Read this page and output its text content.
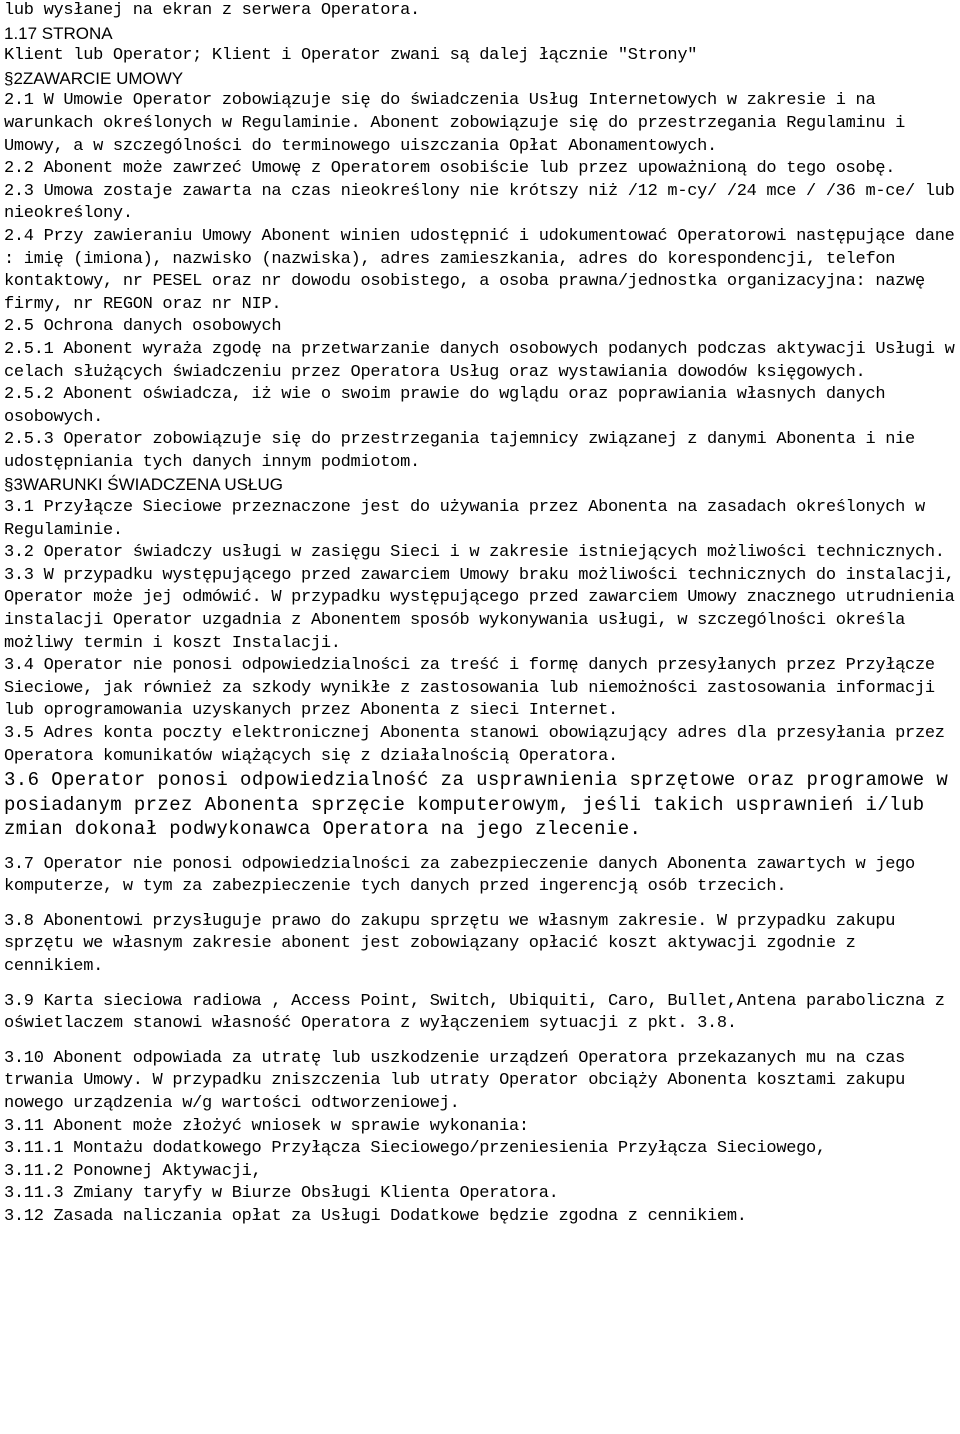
lub wysłanej na ekran z serwera Operatora.

1.17 STRONA

Klient lub Operator; Klient i Operator zwani są dalej łącznie "Strony"

§2ZAWARCIE UMOWY

2.1 W Umowie Operator zobowiązuje się do świadczenia Usług Internetowych w zakresie i na warunkach określonych w Regulaminie. Abonent zobowiązuje się do przestrzegania Regulaminu i Umowy, a w szczególności do terminowego uiszczania Opłat Abonamentowych.

2.2 Abonent może zawrzeć Umowę z Operatorem osobiście lub przez upoważnioną do tego osobę.

2.3 Umowa zostaje zawarta na czas nieokreślony nie krótszy niż /12 m-cy/ /24 mce / /36 m-ce/ lub nieokreślony.

2.4 Przy zawieraniu Umowy Abonent winien udostępnić i udokumentować Operatorowi następujące dane : imię (imiona), nazwisko (nazwiska), adres zamieszkania, adres do korespondencji, telefon kontaktowy, nr PESEL oraz nr dowodu osobistego, a osoba prawna/jednostka organizacyjna: nazwę firmy, nr REGON oraz nr NIP.

2.5 Ochrona danych osobowych

2.5.1 Abonent wyraża zgodę na przetwarzanie danych osobowych podanych podczas aktywacji Usługi w celach służących świadczeniu przez Operatora Usług oraz wystawiania dowodów księgowych.

2.5.2 Abonent oświadcza, iż wie o swoim prawie do wglądu oraz poprawiania własnych danych osobowych.

2.5.3 Operator zobowiązuje się do przestrzegania tajemnicy związanej z danymi Abonenta i nie udostępniania tych danych innym podmiotom.

§3WARUNKI ŚWIADCZENA USŁUG

3.1 Przyłącze Sieciowe przeznaczone jest do używania przez Abonenta na zasadach określonych w Regulaminie.

3.2 Operator świadczy usługi w zasięgu Sieci i w zakresie istniejących możliwości technicznych. 3.3 W przypadku występującego przed zawarciem Umowy braku możliwości technicznych do instalacji, Operator może jej odmówić. W przypadku występującego przed zawarciem Umowy znacznego utrudnienia instalacji Operator uzgadnia z Abonentem sposób wykonywania usługi, w szczególności określa możliwy termin i koszt Instalacji.

3.4 Operator nie ponosi odpowiedzialności za treść i formę danych przesyłanych przez Przyłącze Sieciowe, jak również za szkody wynikłe z zastosowania lub niemożności zastosowania informacji lub oprogramowania uzyskanych przez Abonenta z sieci Internet.

3.5 Adres konta poczty elektronicznej Abonenta stanowi obowiązujący adres dla przesyłania przez Operatora komunikatów wiążących się z działalnością Operatora.

3.6 Operator ponosi odpowiedzialność za usprawnienia sprzętowe oraz programowe w posiadanym przez Abonenta sprzęcie komputerowym, jeśli takich usprawnień i/lub zmian dokonał podwykonawca Operatora na jego zlecenie.

3.7 Operator nie ponosi odpowiedzialności za zabezpieczenie danych Abonenta zawartych w jego komputerze, w tym za zabezpieczenie tych danych przed ingerencją osób trzecich.

3.8 Abonentowi przysługuje prawo do zakupu sprzętu we własnym zakresie. W przypadku zakupu sprzętu we własnym zakresie abonent jest zobowiązany opłacić koszt aktywacji zgodnie z cennikiem.

3.9 Karta sieciowa radiowa , Access Point, Switch, Ubiquiti, Caro, Bullet,Antena paraboliczna z oświetlaczem stanowi własność Operatora z wyłączeniem sytuacji z pkt. 3.8.

3.10 Abonent odpowiada za utratę lub uszkodzenie urządzeń Operatora przekazanych mu na czas trwania Umowy. W przypadku zniszczenia lub utraty Operator obciąży Abonenta kosztami zakupu nowego urządzenia w/g wartości odtworzeniowej.

3.11 Abonent może złożyć wniosek w sprawie wykonania:

3.11.1 Montażu dodatkowego Przyłącza Sieciowego/przeniesienia Przyłącza Sieciowego,

3.11.2 Ponownej Aktywacji,

3.11.3 Zmiany taryfy w Biurze Obsługi Klienta Operatora.

3.12 Zasada naliczania opłat za Usługi Dodatkowe będzie zgodna z cennikiem.
